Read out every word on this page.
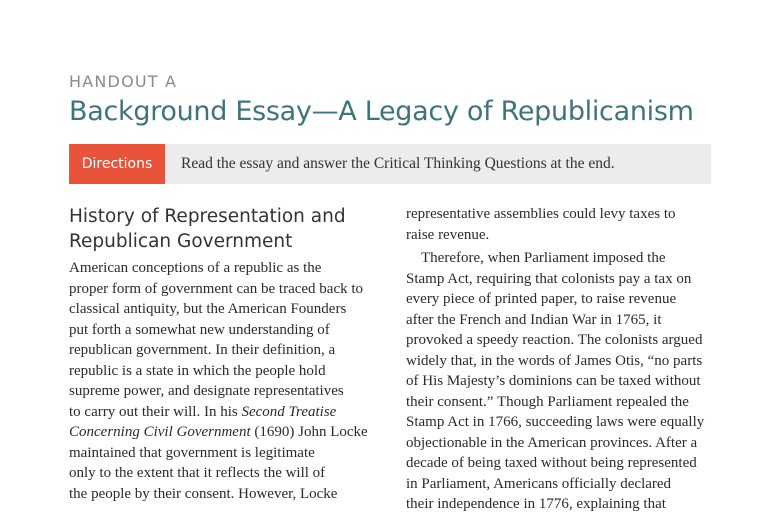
HANDOUT A
Background Essay—A Legacy of Republicanism
Directions	Read the essay and answer the Critical Thinking Questions at the end.
History of Representation and
Republican Government
American conceptions of a republic as the
proper form of government can be traced back to
classical antiquity, but the American Founders
put forth a somewhat new understanding of
republican government. In their definition, a
republic is a state in which the people hold
supreme power, and designate representatives
to carry out their will. In his Second Treatise
Concerning Civil Government (1690) John Locke
maintained that government is legitimate
only to the extent that it reflects the will of
the people by their consent. However, Locke
representative assemblies could levy taxes to
raise revenue.
Therefore, when Parliament imposed the
Stamp Act, requiring that colonists pay a tax on
every piece of printed paper, to raise revenue
after the French and Indian War in 1765, it
provoked a speedy reaction. The colonists argued
widely that, in the words of James Otis, “no parts
of His Majesty’s dominions can be taxed without
their consent.” Though Parliament repealed the
Stamp Act in 1766, succeeding laws were equally
objectionable in the American provinces. After a
decade of being taxed without being represented
in Parliament, Americans officially declared
their independence in 1776, explaining that
